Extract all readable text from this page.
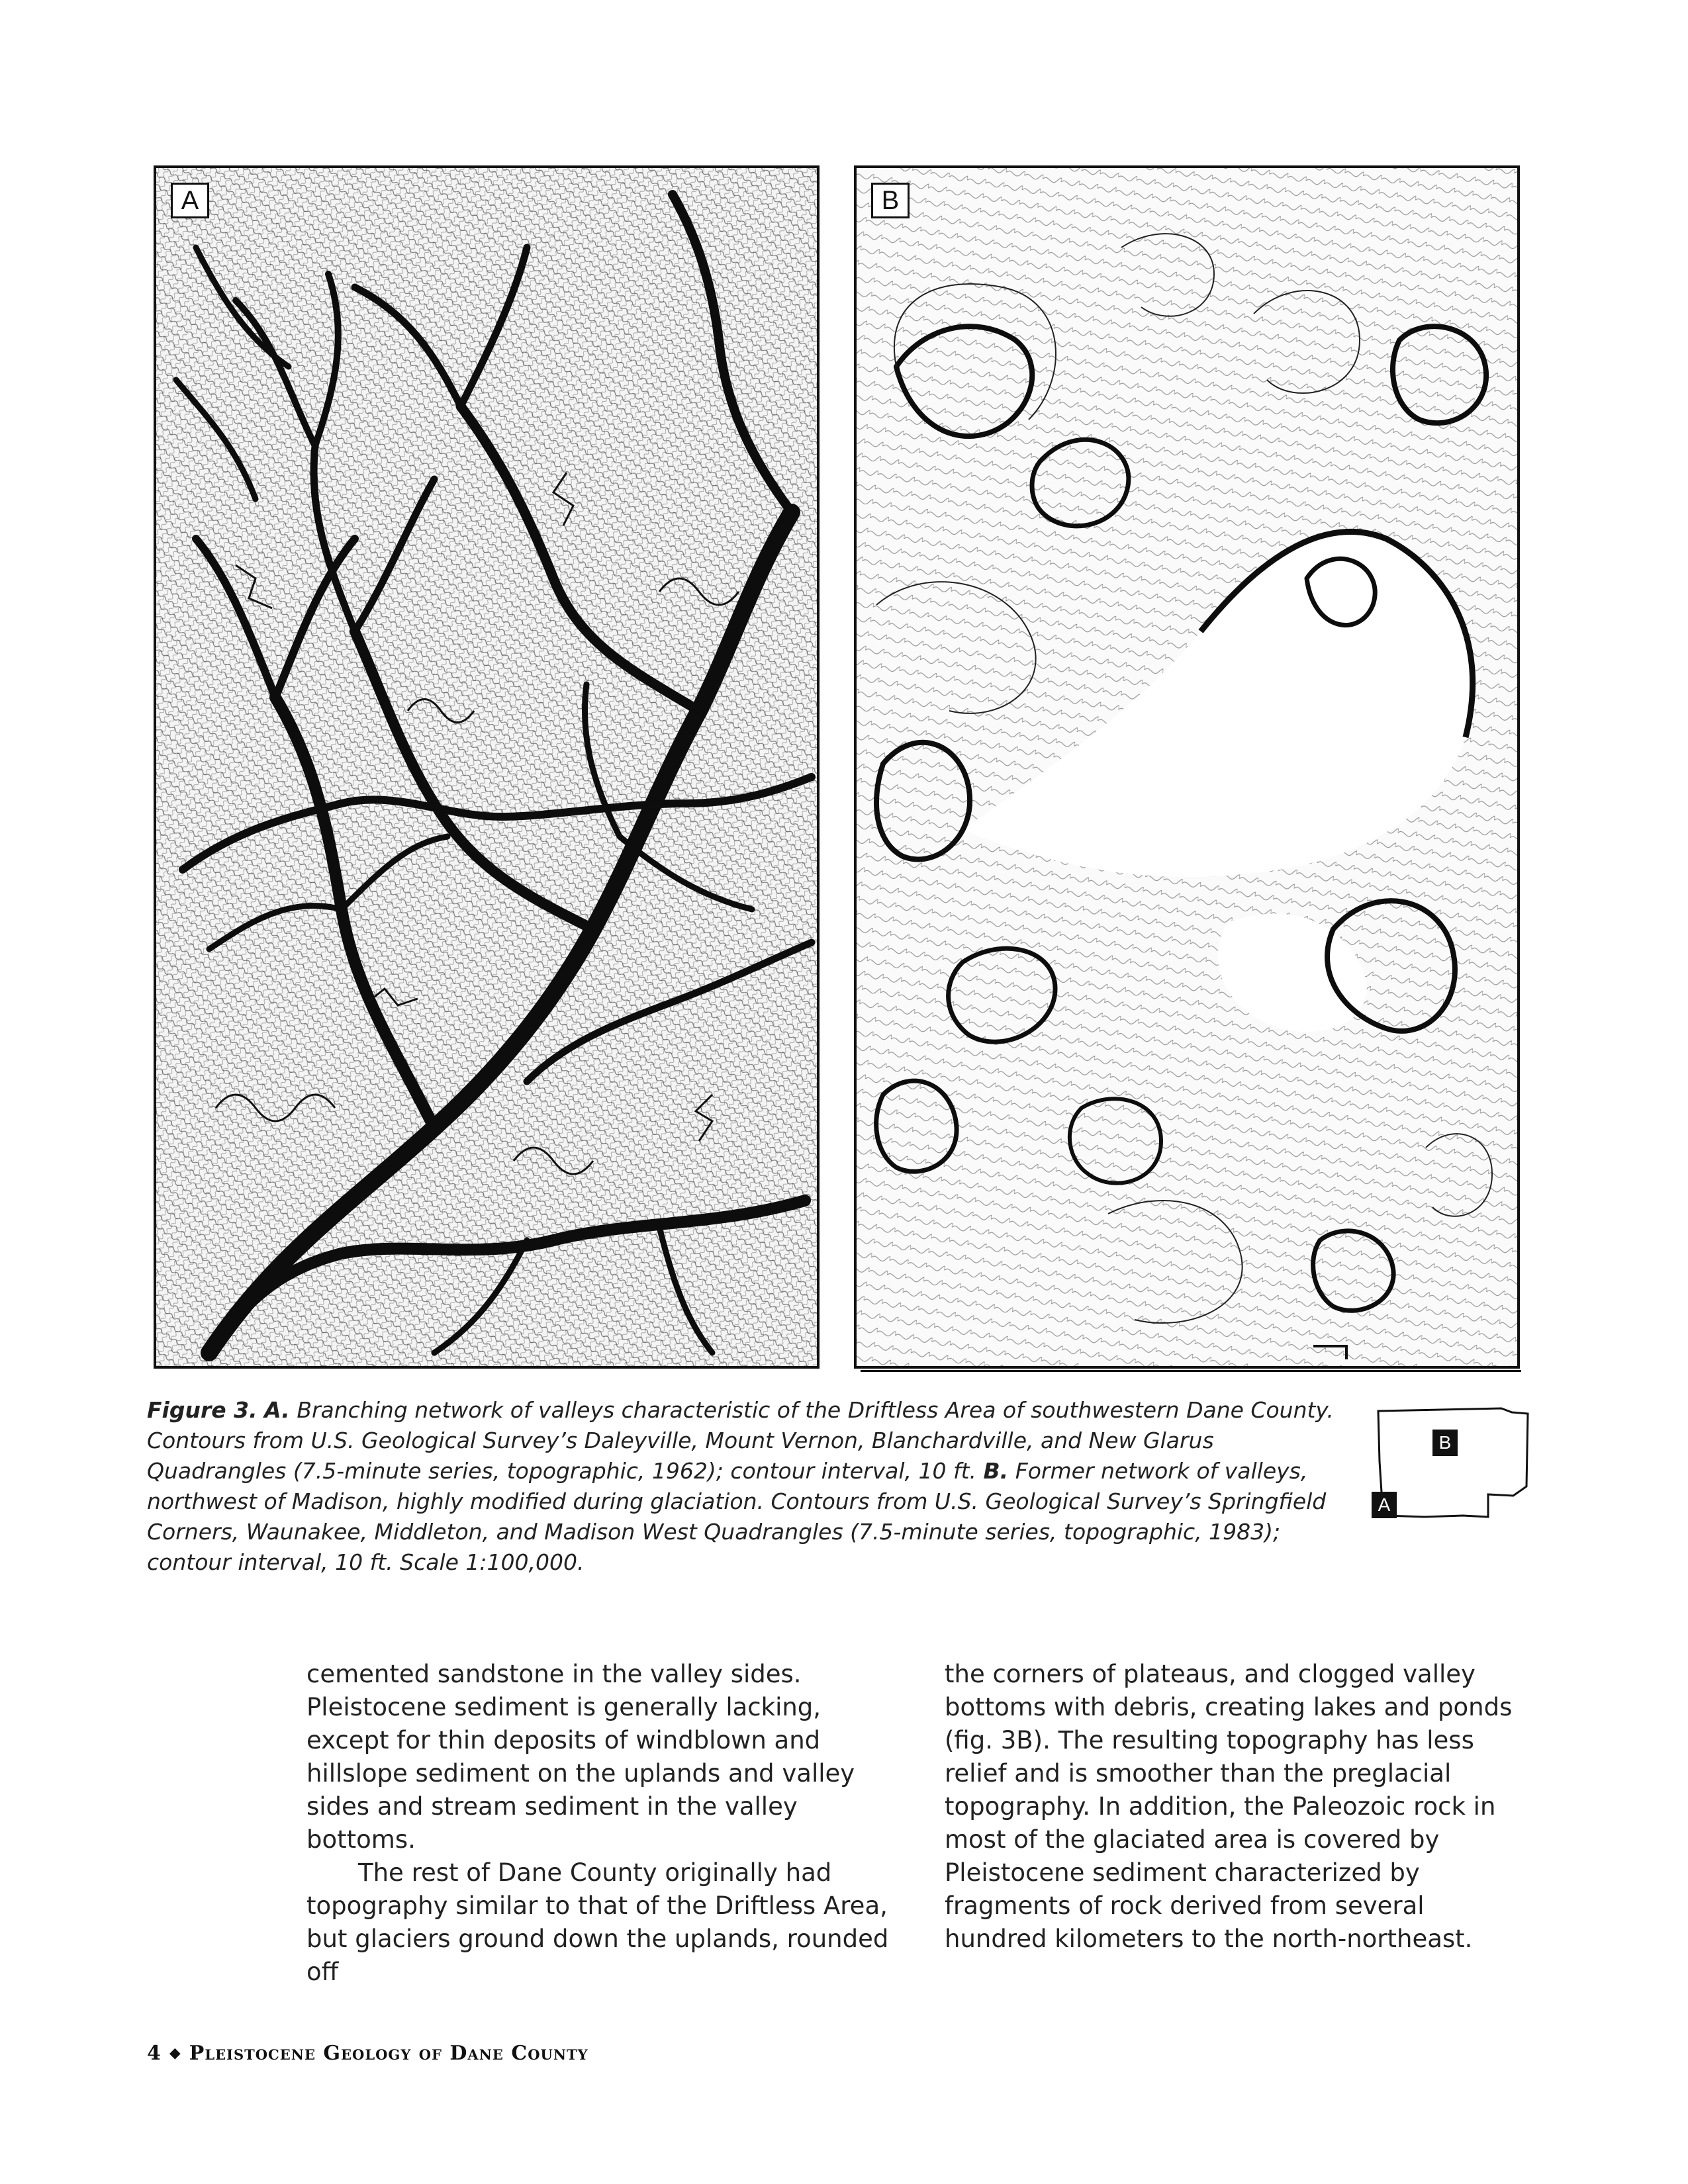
A	B
Figure 3. A. Branching network of valleys characteristic of the Driftless Area of southwestern Dane County. Contours from U.S. Geological Survey’s Daleyville, Mount Vernon, Blanchardville, and New Glarus Quadrangles (7.5-minute series, topographic, 1962); contour interval, 10 ft. B. Former network of valleys, northwest of Madison, highly modified during glaciation. Contours from U.S. Geological Survey’s Springfield Corners, Waunakee, Middleton, and Madison West Quadrangles (7.5-minute series, topographic, 1983); contour interval, 10 ft. Scale 1:100,000.
B
A

cemented sandstone in the valley sides. Pleistocene sediment is generally lacking, except for thin deposits of windblown and hillslope sediment on the uplands and valley sides and stream sediment in the valley bottoms.

The rest of Dane County originally had topography similar to that of the Driftless Area, but glaciers ground down the uplands, rounded off

the corners of plateaus, and clogged valley bottoms with debris, creating lakes and ponds (fig. 3B). The resulting topography has less relief and is smoother than the preglacial topography. In addition, the Paleozoic rock in most of the glaciated area is covered by Pleistocene sediment characterized by fragments of rock derived from several hundred kilometers to the north-northeast.

4 ◆ Pleistocene Geology of Dane County
